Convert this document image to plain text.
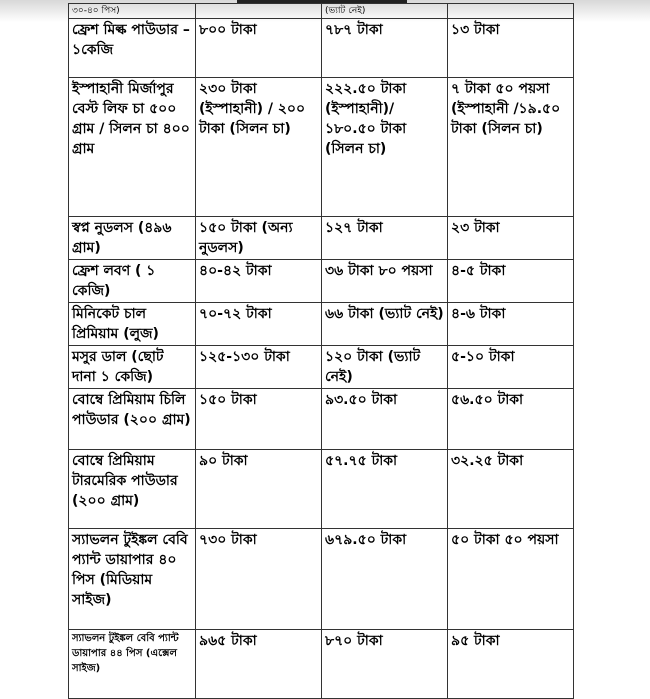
৩০-৪০ পিস)		(ভ্যাট নেই)	
ফ্রেশ মিল্ক পাউডার – ১কেজি	৮০০ টাকা	৭৮৭ টাকা	১৩ টাকা
ইস্পাহানী মির্জাপুর বেস্ট লিফ চা ৫০০ গ্রাম / সিলন চা ৪০০ গ্রাম	২৩০ টাকা (ইস্পাহানী) / ২০০ টাকা (সিলন চা)	২২২.৫০ টাকা (ইস্পাহানী)/ ১৮০.৫০ টাকা (সিলন চা)	৭ টাকা ৫০ পয়সা (ইস্পাহানী /১৯.৫০ টাকা (সিলন চা)
স্বপ্ন নুডলস (৪৯৬ গ্রাম)	১৫০ টাকা (অন্য নুডলস)	১২৭ টাকা	২৩ টাকা
ফ্রেশ লবণ ( ১ কেজি)	৪০-৪২ টাকা	৩৬ টাকা ৮০ পয়সা	৪-৫ টাকা
মিনিকেট চাল প্রিমিয়াম (লুজ)	৭০-৭২ টাকা	৬৬ টাকা (ভ্যাট নেই)	৪-৬ টাকা
মসুর ডাল (ছোট দানা ১ কেজি)	১২৫-১৩০ টাকা	১২০ টাকা (ভ্যাট নেই)	৫-১০ টাকা
বোম্বে প্রিমিয়াম চিলি পাউডার (২০০ গ্রাম)	১৫০ টাকা	৯৩.৫০ টাকা	৫৬.৫০ টাকা
বোম্বে প্রিমিয়াম টারমেরিক পাউডার (২০০ গ্রাম)	৯০ টাকা	৫৭.৭৫ টাকা	৩২.২৫ টাকা
স্যাভলন টুইঙ্কল বেবি প্যান্ট ডায়াপার ৪০ পিস (মিডিয়াম সাইজ)	৭৩০ টাকা	৬৭৯.৫০ টাকা	৫০ টাকা ৫০ পয়সা
স্যাভলন টুইঙ্কল বেবি প্যান্ট ডায়াপার ৪৪ পিস (এক্সেল সাইজ)	৯৬৫ টাকা	৮৭০ টাকা	৯৫ টাকা
